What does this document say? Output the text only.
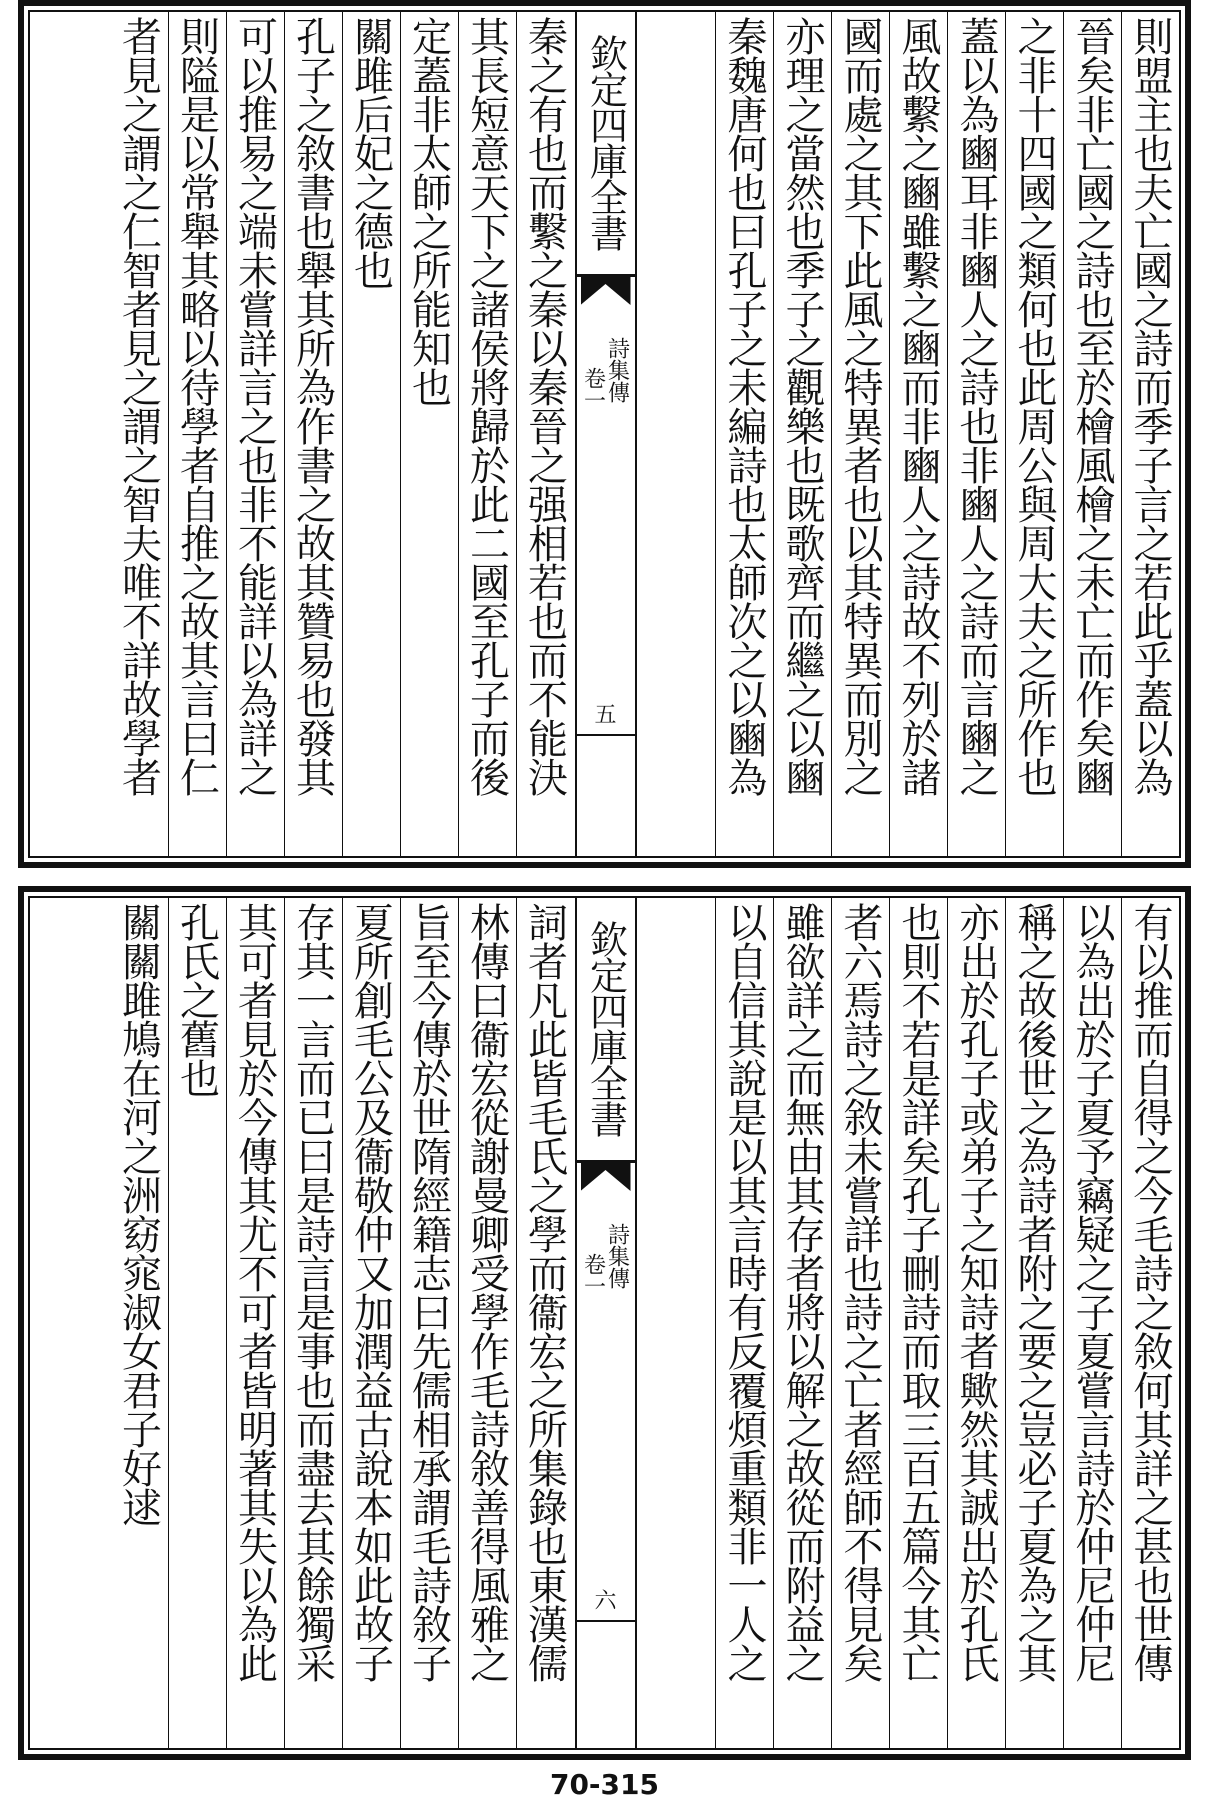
則盟主也夫亡國之詩而季子言之若此乎蓋以為
晉矣非亡國之詩也至於檜風檜之未亡而作矣豳
之非十四國之類何也此周公與周大夫之所作也
蓋以為豳耳非豳人之詩也非豳人之詩而言豳之
風故繫之豳雖繫之豳而非豳人之詩故不列於諸
國而處之其下此風之特異者也以其特異而別之
亦理之當然也季子之觀樂也既歌齊而繼之以豳
秦魏唐何也曰孔子之未編詩也太師次之以豳為
欽定四庫全書
詩集傳
卷一
五
秦之有也而繫之秦以秦晉之强相若也而不能決
其長短意天下之諸侯將歸於此二國至孔子而後
定蓋非太師之所能知也
關雎后妃之德也
孔子之敘書也舉其所為作書之故其贊易也發其
可以推易之端未嘗詳言之也非不能詳以為詳之
則隘是以常舉其略以待學者自推之故其言曰仁
者見之謂之仁智者見之謂之智夫唯不詳故學者
有以推而自得之今毛詩之敘何其詳之甚也世傳
以為出於子夏予竊疑之子夏嘗言詩於仲尼仲尼
稱之故後世之為詩者附之要之豈必子夏為之其
亦出於孔子或弟子之知詩者歟然其誠出於孔氏
也則不若是詳矣孔子刪詩而取三百五篇今其亡
者六焉詩之敘未嘗詳也詩之亡者經師不得見矣
雖欲詳之而無由其存者將以解之故從而附益之
以自信其說是以其言時有反覆煩重類非一人之
欽定四庫全書
詩集傳
卷一
六
詞者凡此皆毛氏之學而衞宏之所集錄也東漢儒
林傳曰衞宏從謝曼卿受學作毛詩敘善得風雅之
旨至今傳於世隋經籍志曰先儒相承謂毛詩敘子
夏所創毛公及衞敬仲又加潤益古說本如此故子
存其一言而已曰是詩言是事也而盡去其餘獨采
其可者見於今傳其尤不可者皆明著其失以為此
孔氏之舊也
關關雎鳩在河之洲窈窕淑女君子好逑
70-315
